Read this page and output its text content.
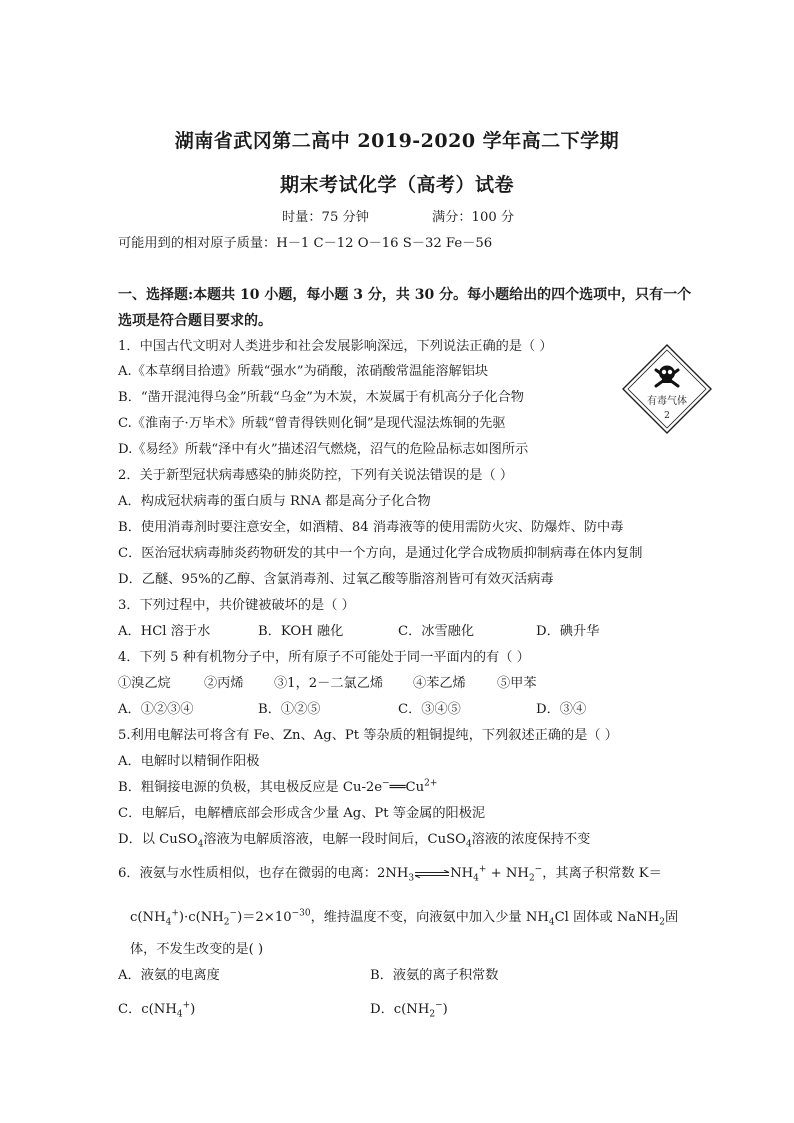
湖南省武冈第二高中 2019-2020 学年高二下学期
期末考试化学（高考）试卷
时量：75 分钟	满分：100 分
可能用到的相对原子质量：H－1 C－12 O－16 S－32 Fe－56
一、选择题:本题共 10 小题，每小题 3 分，共 30 分。每小题给出的四个选项中，只有一个
选项是符合题目要求的。
1．中国古代文明对人类进步和社会发展影响深远，下列说法正确的是（ ）
A.《本草纲目拾遗》所载“强水”为硝酸，浓硝酸常温能溶解铝块
B．“凿开混沌得乌金”所载“乌金”为木炭，木炭属于有机高分子化合物
C.《淮南子·万毕术》所载“曾青得铁则化铜”是现代湿法炼铜的先驱
D.《易经》所载“泽中有火”描述沼气燃烧，沼气的危险品标志如图所示
有毒气体
2
2．关于新型冠状病毒感染的肺炎防控，下列有关说法错误的是（ ）
A．构成冠状病毒的蛋白质与 RNA 都是高分子化合物
B．使用消毒剂时要注意安全，如酒精、84 消毒液等的使用需防火灾、防爆炸、防中毒
C．医治冠状病毒肺炎药物研发的其中一个方向，是通过化学合成物质抑制病毒在体内复制
D．乙醚、95%的乙醇、含氯消毒剂、过氧乙酸等脂溶剂皆可有效灭活病毒
3．下列过程中，共价键被破坏的是（ ）
A．HCl 溶于水	B．KOH 融化	C．冰雪融化	D．碘升华
4．下列 5 种有机物分子中，所有原子不可能处于同一平面内的有（ ）
①溴乙烷	②丙烯 ③1，2－二氯乙烯 ④苯乙烯 ⑤甲苯
A．①②③④	B．①②⑤	C．③④⑤	D．③④
5.利用电解法可将含有 Fe、Zn、Ag、Pt 等杂质的粗铜提纯，下列叙述正确的是（ ）
A．电解时以精铜作阳极
B．粗铜接电源的负极，其电极反应是 $Cu-2e^-══Cu^{2+}$
C．电解后，电解槽底部会形成含少量 Ag、Pt 等金属的阳极泥
D．以 CuSO$_4$溶液为电解质溶液，电解一段时间后，CuSO$_4$溶液的浓度保持不变
6．液氨与水性质相似，也存在微弱的电离：$2NH_3$ $\rightleftharpoons NH_4^+ + NH_2^-$，其离子积常数 K＝
$c(NH_4^+)\cdot c(NH_2^-)=2\times 10^{-30}$，维持温度不变，向液氨中加入少量 $NH_4Cl$ 固体或 NaNH$_2$固
体，不发生改变的是( )
A．液氨的电离度	B．液氨的离子积常数
C．$c(NH_4^+)$	D．$c(NH_2^-)$
